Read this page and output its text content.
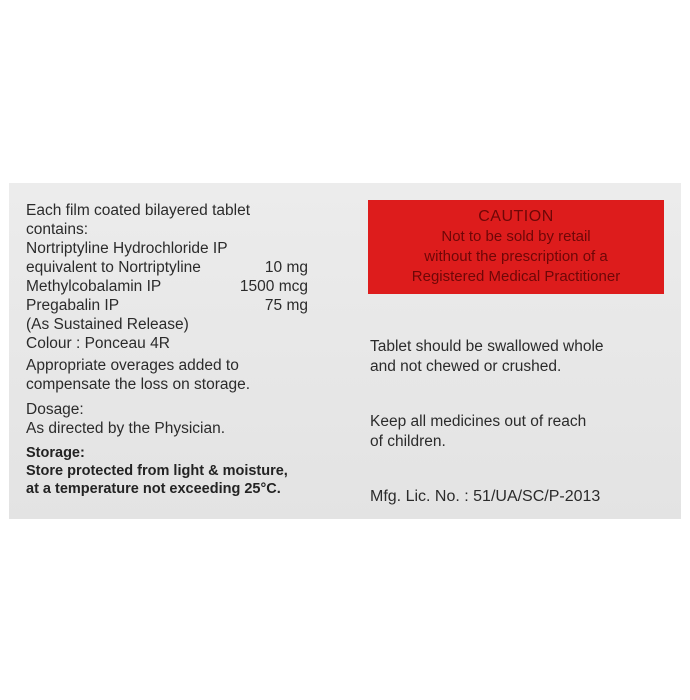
Each film coated bilayered tablet
contains:
Nortriptyline Hydrochloride IP
equivalent to Nortriptyline	10 mg
Methylcobalamin IP	1500 mcg
Pregabalin IP	75 mg
(As Sustained Release)
Colour : Ponceau 4R
Appropriate overages added to
compensate the loss on storage.
Dosage:
As directed by the Physician.
Storage:
Store protected from light & moisture,
at a temperature not exceeding 25°C.
CAUTION
Not to be sold by retail
without the prescription of a
Registered Medical Practitioner
Tablet should be swallowed whole
and not chewed or crushed.
Keep all medicines out of reach
of children.
Mfg. Lic. No. : 51/UA/SC/P-2013
